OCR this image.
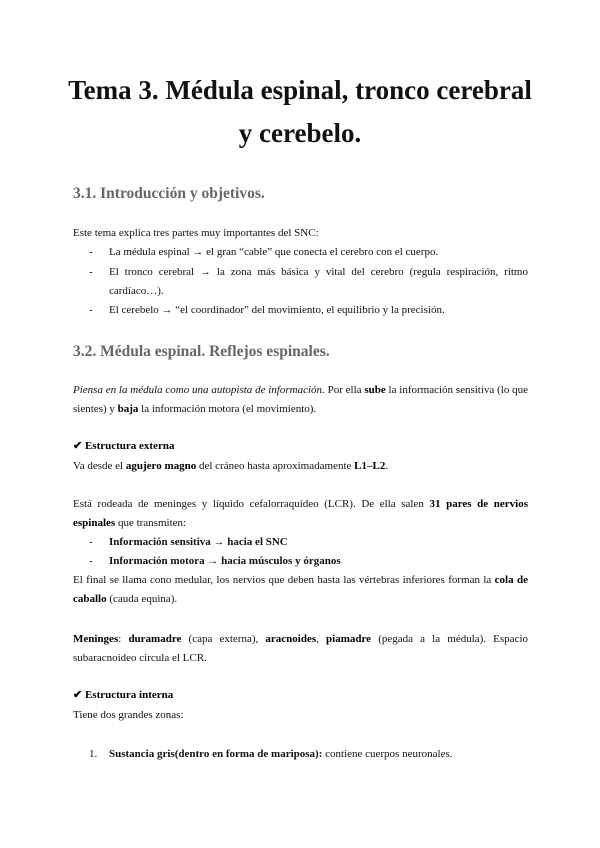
Tema 3. Médula espinal, tronco cerebral
y cerebelo.
3.1. Introducción y objetivos.

Este tema explica tres partes muy importantes del SNC:

- La médula espinal → el gran “cable” que conecta el cerebro con el cuerpo.
- El tronco cerebral → la zona más básica y vital del cerebro (regula respiración, ritmo cardíaco…).
- El cerebelo → “el coordinador” del movimiento, el equilibrio y la precisión.
3.2. Médula espinal. Reflejos espinales.

Piensa en la médula como una autopista de información. Por ella sube la información sensitiva (lo que sientes) y baja la información motora (el movimiento).

✔ Estructura externa

Va desde el agujero magno del cráneo hasta aproximadamente L1–L2.

Está rodeada de meninges y líquido cefalorraquídeo (LCR). De ella salen 31 pares de nervios espinales que transmiten:

- Información sensitiva → hacia el SNC
- Información motora → hacia músculos y órganos

El final se llama cono medular, los nervios que deben hasta las vértebras inferiores forman la cola de caballo (cauda equina).

Meninges: duramadre (capa externa), aracnoides, piamadre (pegada a la médula). Espacio subaracnoideo circula el LCR.

✔ Estructura interna

Tiene dos grandes zonas:

1. Sustancia gris(dentro en forma de mariposa): contiene cuerpos neuronales.
